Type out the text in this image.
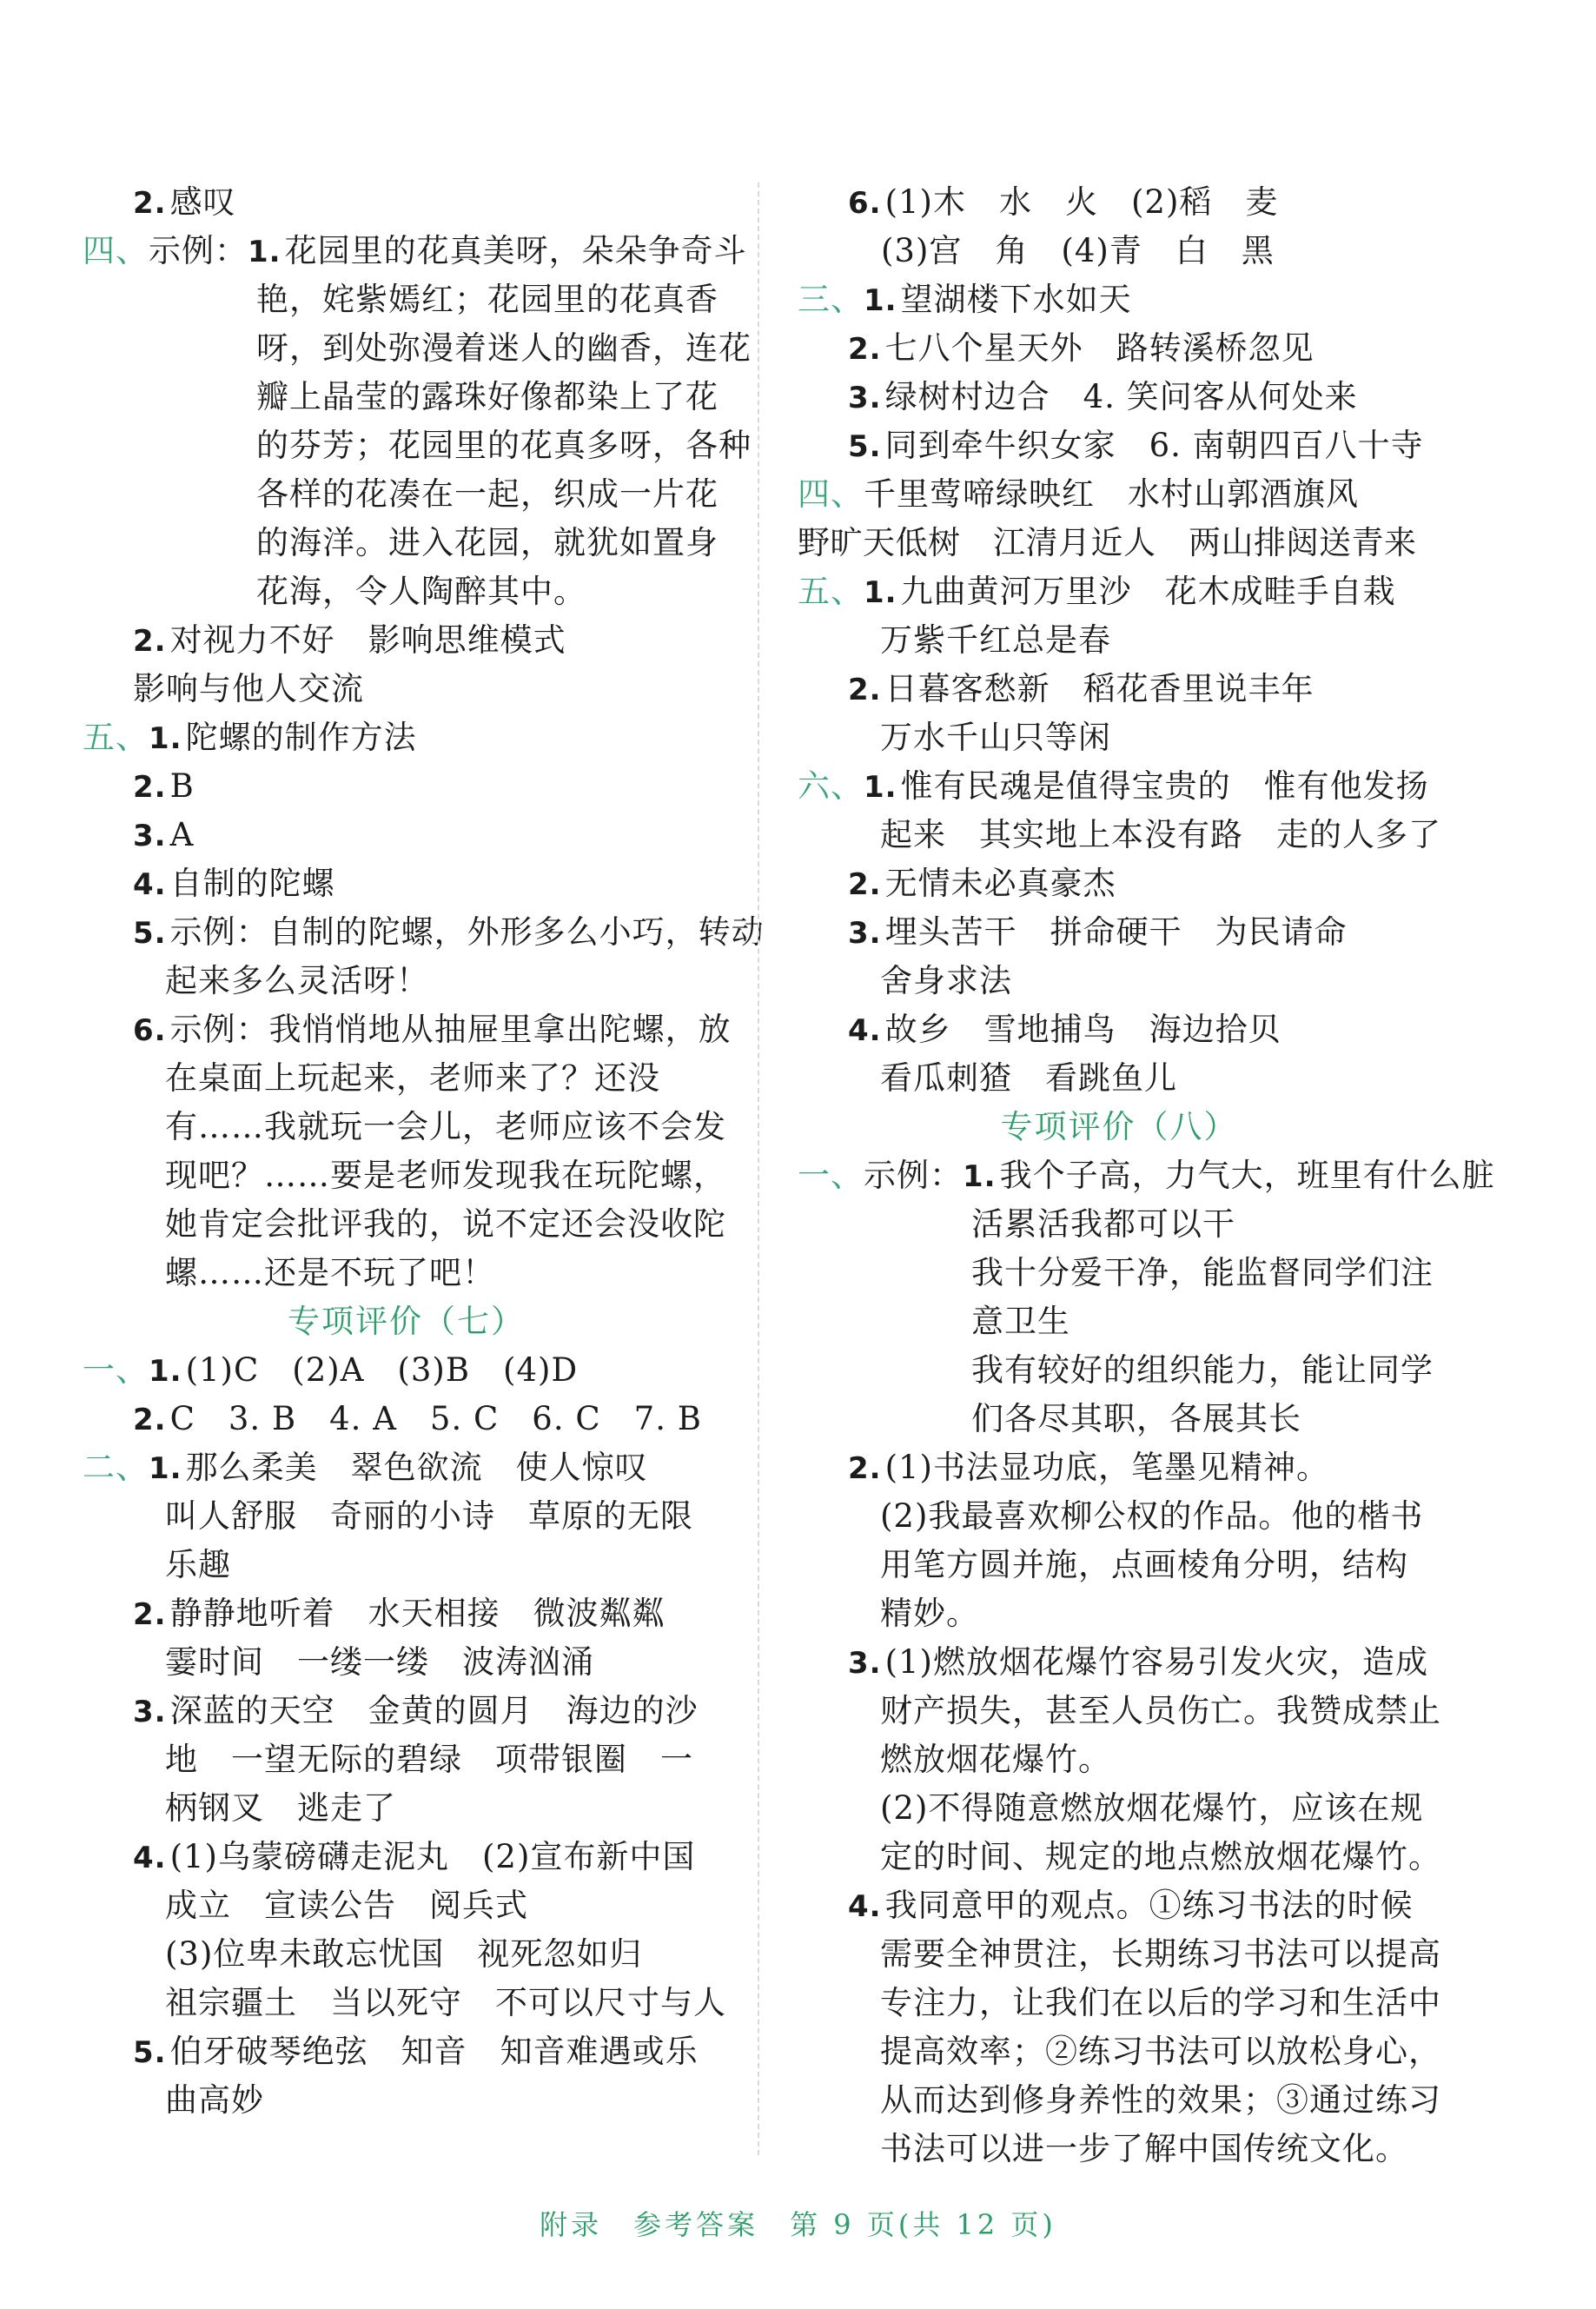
2. 感叹
四、示例：1. 花园里的花真美呀，朵朵争奇斗
艳，姹紫嫣红；花园里的花真香
呀，到处弥漫着迷人的幽香，连花
瓣上晶莹的露珠好像都染上了花
的芬芳；花园里的花真多呀，各种
各样的花凑在一起，织成一片花
的海洋。进入花园，就犹如置身
花海，令人陶醉其中。
2. 对视力不好　影响思维模式
影响与他人交流
五、1. 陀螺的制作方法
2. B
3. A
4. 自制的陀螺
5. 示例：自制的陀螺，外形多么小巧，转动
起来多么灵活呀！
6. 示例：我悄悄地从抽屉里拿出陀螺，放
在桌面上玩起来，老师来了？还没
有……我就玩一会儿，老师应该不会发
现吧？……要是老师发现我在玩陀螺，
她肯定会批评我的，说不定还会没收陀
螺……还是不玩了吧！
专项评价（七）
一、1. (1)C　(2)A　(3)B　(4)D
2. C　3. B　4. A　5. C　6. C　7. B
二、1. 那么柔美　翠色欲流　使人惊叹
叫人舒服　奇丽的小诗　草原的无限
乐趣
2. 静静地听着　水天相接　微波粼粼
霎时间　一缕一缕　波涛汹涌
3. 深蓝的天空　金黄的圆月　海边的沙
地　一望无际的碧绿　项带银圈　一
柄钢叉　逃走了
4. (1)乌蒙磅礴走泥丸　(2)宣布新中国
成立　宣读公告　阅兵式
(3)位卑未敢忘忧国　视死忽如归
祖宗疆土　当以死守　不可以尺寸与人
5. 伯牙破琴绝弦　知音　知音难遇或乐
曲高妙
6. (1)木　水　火　(2)稻　麦
　(3)宫　角　(4)青　白　黑
三、1. 望湖楼下水如天
2. 七八个星天外　路转溪桥忽见
3. 绿树村边合　4. 笑问客从何处来
5. 同到牵牛织女家　6. 南朝四百八十寺
四、千里莺啼绿映红　水村山郭酒旗风
野旷天低树　江清月近人　两山排闼送青来
五、1. 九曲黄河万里沙　花木成畦手自栽
万紫千红总是春
2. 日暮客愁新　稻花香里说丰年
万水千山只等闲
六、1. 惟有民魂是值得宝贵的　惟有他发扬
起来　其实地上本没有路　走的人多了
2. 无情未必真豪杰
3. 埋头苦干　拼命硬干　为民请命
舍身求法
4. 故乡　雪地捕鸟　海边拾贝
看瓜刺猹　看跳鱼儿
专项评价（八）
一、示例：1. 我个子高，力气大，班里有什么脏
活累活我都可以干
我十分爱干净，能监督同学们注
意卫生
我有较好的组织能力，能让同学
们各尽其职，各展其长
2. (1)书法显功底，笔墨见精神。
(2)我最喜欢柳公权的作品。他的楷书
用笔方圆并施，点画棱角分明，结构
精妙。
3. (1)燃放烟花爆竹容易引发火灾，造成
财产损失，甚至人员伤亡。我赞成禁止
燃放烟花爆竹。
(2)不得随意燃放烟花爆竹，应该在规
定的时间、规定的地点燃放烟花爆竹。
4. 我同意甲的观点。①练习书法的时候
需要全神贯注，长期练习书法可以提高
专注力，让我们在以后的学习和生活中
提高效率；②练习书法可以放松身心，
从而达到修身养性的效果；③通过练习
书法可以进一步了解中国传统文化。
附录　参考答案　第 9 页(共 12 页)
